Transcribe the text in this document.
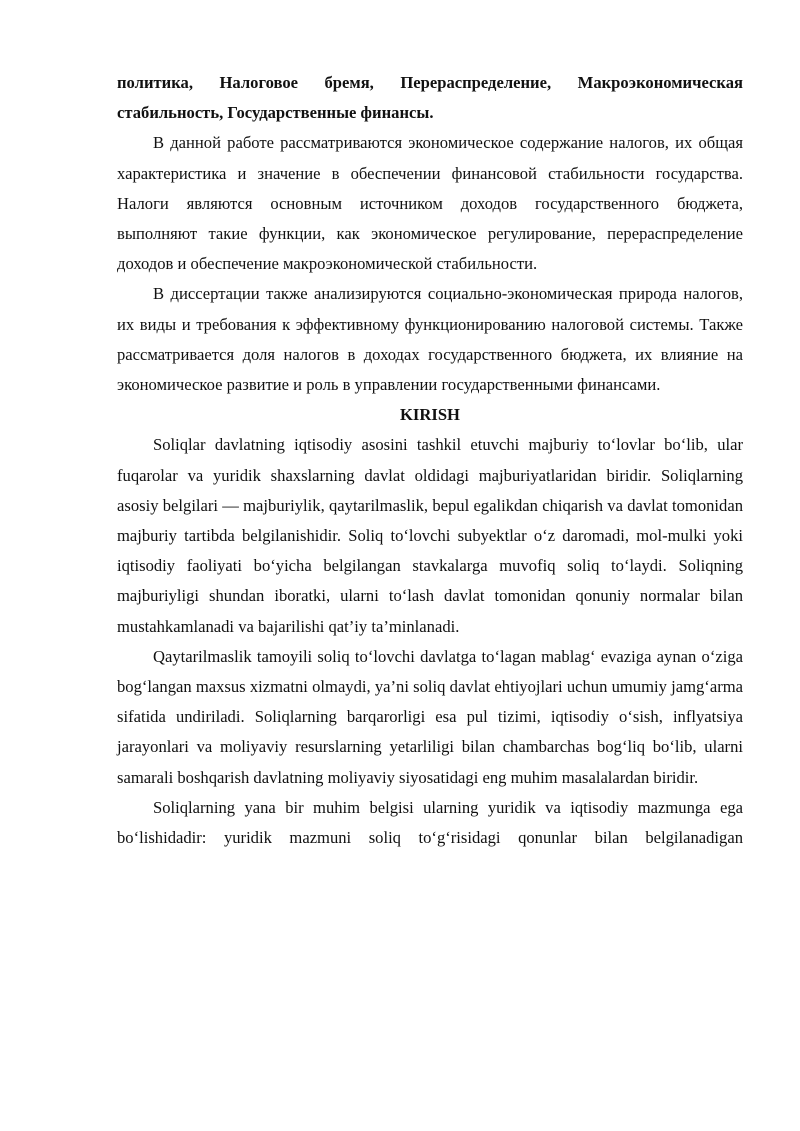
политика, Налоговое бремя, Перераспределение, Макроэкономическая стабильность, Государственные финансы.

В данной работе рассматриваются экономическое содержание налогов, их общая характеристика и значение в обеспечении финансовой стабильности государства. Налоги являются основным источником доходов государственного бюджета, выполняют такие функции, как экономическое регулирование, перераспределение доходов и обеспечение макроэкономической стабильности.

В диссертации также анализируются социально-экономическая природа налогов, их виды и требования к эффективному функционированию налоговой системы. Также рассматривается доля налогов в доходах государственного бюджета, их влияние на экономическое развитие и роль в управлении государственными финансами.

KIRISH

Soliqlar davlatning iqtisodiy asosini tashkil etuvchi majburiy to‘lovlar bo‘lib, ular fuqarolar va yuridik shaxslarning davlat oldidagi majburiyatlaridan biridir. Soliqlarning asosiy belgilari — majburiylik, qaytarilmaslik, bepul egalikdan chiqarish va davlat tomonidan majburiy tartibda belgilanishidir. Soliq to‘lovchi subyektlar o‘z daromadi, mol-mulki yoki iqtisodiy faoliyati bo‘yicha belgilangan stavkalarga muvofiq soliq to‘laydi. Soliqning majburiyligi shundan iboratki, ularni to‘lash davlat tomonidan qonuniy normalar bilan mustahkamlanadi va bajarilishi qat’iy ta’minlanadi.

Qaytarilmaslik tamoyili soliq to‘lovchi davlatga to‘lagan mablag‘ evaziga aynan o‘ziga bog‘langan maxsus xizmatni olmaydi, ya’ni soliq davlat ehtiyojlari uchun umumiy jamg‘arma sifatida undiriladi. Soliqlarning barqarorligi esa pul tizimi, iqtisodiy o‘sish, inflyatsiya jarayonlari va moliyaviy resurslarning yetarliligi bilan chambarchas bog‘liq bo‘lib, ularni samarali boshqarish davlatning moliyaviy siyosatidagi eng muhim masalalardan biridir.

Soliqlarning yana bir muhim belgisi ularning yuridik va iqtisodiy mazmunga ega bo‘lishidadir: yuridik mazmuni soliq to‘g‘risidagi qonunlar bilan belgilanadigan
